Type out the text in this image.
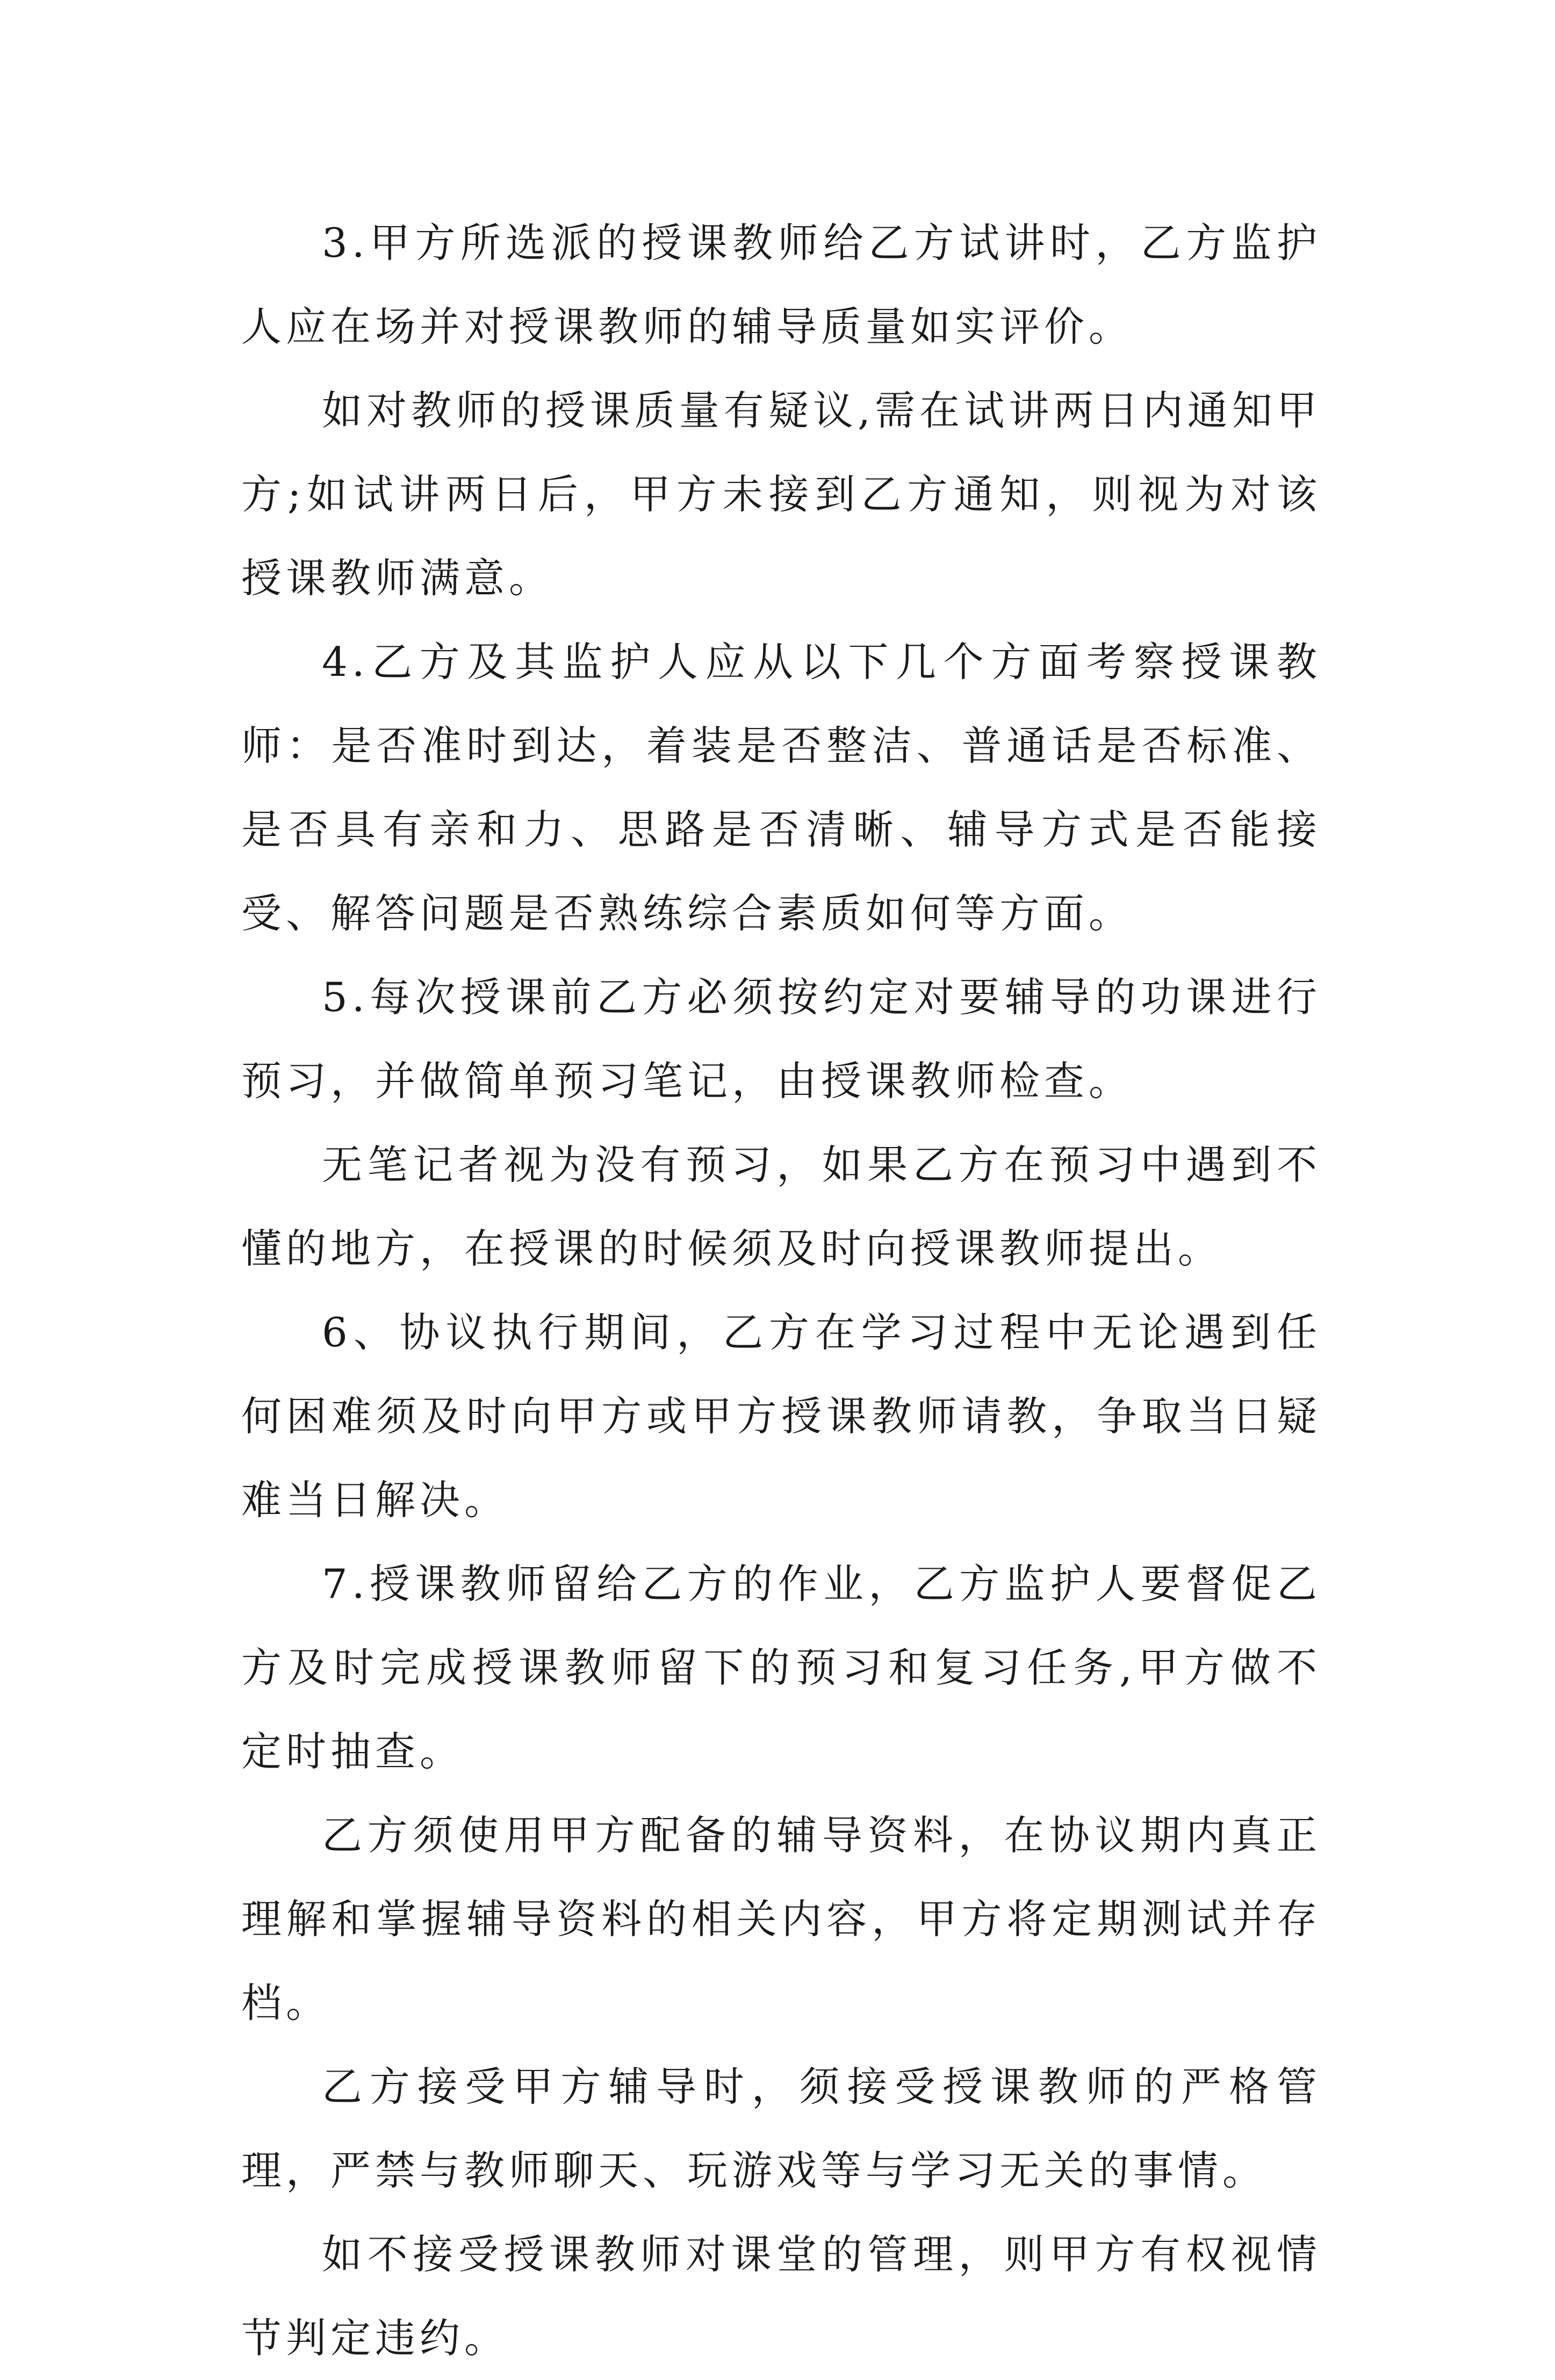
3.甲方所选派的授课教师给乙方试讲时，乙方监护人应在场并对授课教师的辅导质量如实评价。

如对教师的授课质量有疑议,需在试讲两日内通知甲方;如试讲两日后，甲方未接到乙方通知，则视为对该授课教师满意。

4.乙方及其监护人应从以下几个方面考察授课教师：是否准时到达，着装是否整洁、普通话是否标准、是否具有亲和力、思路是否清晰、辅导方式是否能接受、解答问题是否熟练综合素质如何等方面。

5.每次授课前乙方必须按约定对要辅导的功课进行预习，并做简单预习笔记，由授课教师检查。

无笔记者视为没有预习，如果乙方在预习中遇到不懂的地方，在授课的时候须及时向授课教师提出。

6、协议执行期间，乙方在学习过程中无论遇到任何困难须及时向甲方或甲方授课教师请教，争取当日疑难当日解决。

7.授课教师留给乙方的作业，乙方监护人要督促乙方及时完成授课教师留下的预习和复习任务,甲方做不定时抽查。

乙方须使用甲方配备的辅导资料，在协议期内真正理解和掌握辅导资料的相关内容，甲方将定期测试并存档。

乙方接受甲方辅导时，须接受授课教师的严格管理，严禁与教师聊天、玩游戏等与学习无关的事情。

如不接受授课教师对课堂的管理，则甲方有权视情节判定违约。
